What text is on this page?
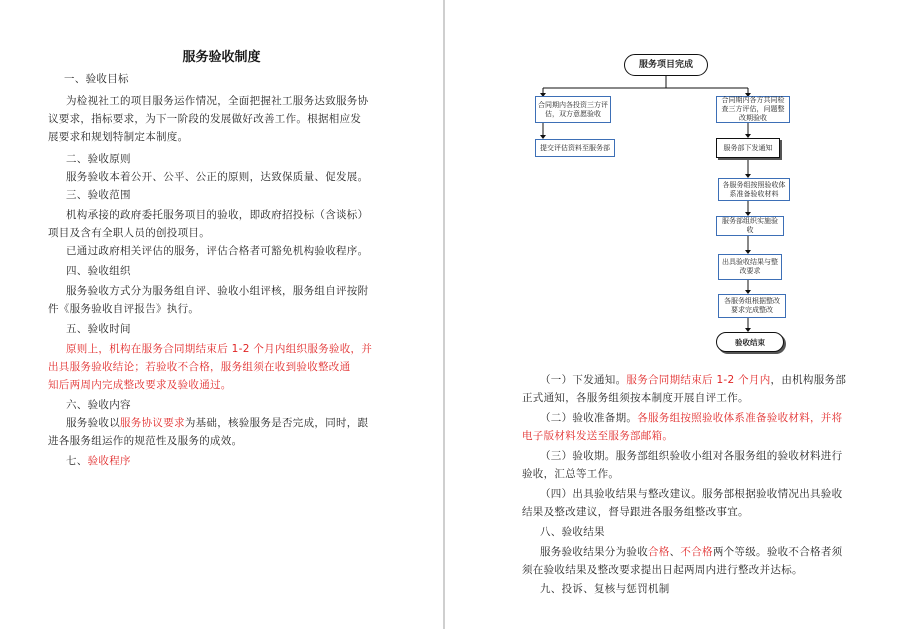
服务验收制度
一、验收目标
为检视社工的项目服务运作情况，全面把握社工服务达致服务协
议要求，指标要求，为下一阶段的发展做好改善工作。根据相应发
展要求和规划特制定本制度。
二、验收原则
服务验收本着公开、公平、公正的原则，达致保质量、促发展。
三、验收范围
机构承接的政府委托服务项目的验收，即政府招投标（含谈标）
项目及含有全职人员的创投项目。
已通过政府相关评估的服务，评估合格者可豁免机构验收程序。
四、验收组织
服务验收方式分为服务组自评、验收小组评核，服务组自评按附
件《服务验收自评报告》执行。
五、验收时间
原则上，机构在服务合同期结束后 1-2 个月内组织服务验收，并
出具服务验收结论；若验收不合格，服务组须在收到验收整改通
知后两周内完成整改要求及验收通过。
六、验收内容
服务验收以服务协议要求为基础，核验服务是否完成，同时，跟
进各服务组运作的规范性及服务的成效。
七、验收程序
服务项目完成
合同期内各投资三方评估，双方意愿验收
提交评估资料至服务部
合同期内各方共同检查三方评估，问题整改期验收
服务部下发通知
各服务组按照验收体系准备验收材料
服务部组织实施验收
出具验收结果与整改要求
各服务组根据整改要求完成整改
验收结束
（一）下发通知。服务合同期结束后 1-2 个月内，由机构服务部
正式通知，各服务组须按本制度开展自评工作。
（二）验收准备期。各服务组按照验收体系准备验收材料，并将
电子版材料发送至服务部邮箱。
（三）验收期。服务部组织验收小组对各服务组的验收材料进行
验收，汇总等工作。
（四）出具验收结果与整改建议。服务部根据验收情况出具验收
结果及整改建议，督导跟进各服务组整改事宜。
八、验收结果
服务验收结果分为验收合格、不合格两个等级。验收不合格者须
须在验收结果及整改要求提出日起两周内进行整改并达标。
九、投诉、复核与惩罚机制
